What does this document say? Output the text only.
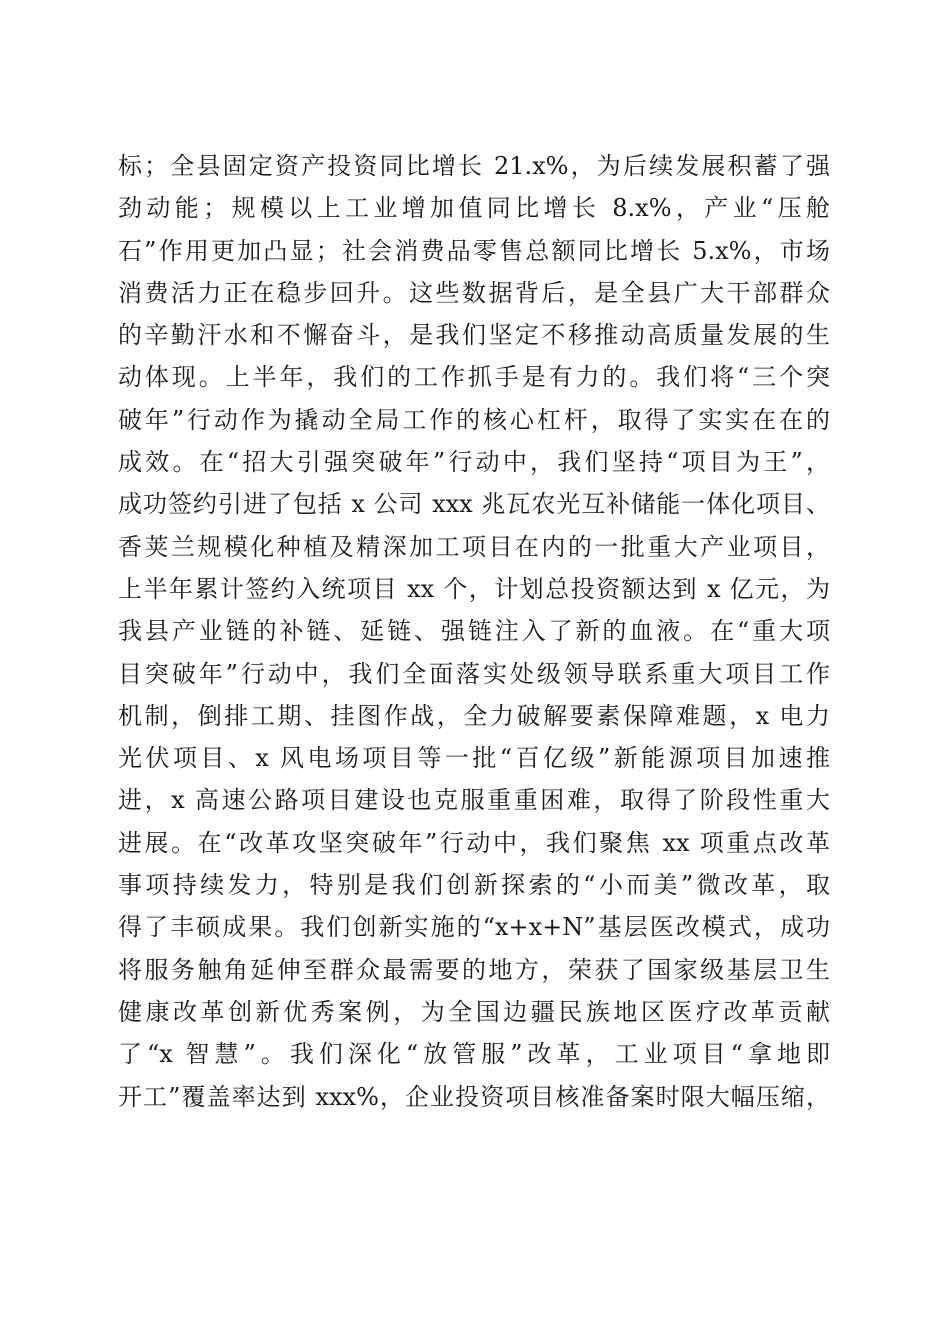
标；全县固定资产投资同比增长 21.x%，为后续发展积蓄了强
劲动能；规模以上工业增加值同比增长 8.x%，产业“压舱
石”作用更加凸显；社会消费品零售总额同比增长 5.x%，市场
消费活力正在稳步回升。这些数据背后，是全县广大干部群众
的辛勤汗水和不懈奋斗，是我们坚定不移推动高质量发展的生
动体现。上半年，我们的工作抓手是有力的。我们将“三个突
破年”行动作为撬动全局工作的核心杠杆，取得了实实在在的
成效。在“招大引强突破年”行动中，我们坚持“项目为王”，
成功签约引进了包括 x 公司 xxx 兆瓦农光互补储能一体化项目、
香荚兰规模化种植及精深加工项目在内的一批重大产业项目，
上半年累计签约入统项目 xx 个，计划总投资额达到 x 亿元，为
我县产业链的补链、延链、强链注入了新的血液。在“重大项
目突破年”行动中，我们全面落实处级领导联系重大项目工作
机制，倒排工期、挂图作战，全力破解要素保障难题，x 电力
光伏项目、x 风电场项目等一批“百亿级”新能源项目加速推
进，x 高速公路项目建设也克服重重困难，取得了阶段性重大
进展。在“改革攻坚突破年”行动中，我们聚焦 xx 项重点改革
事项持续发力，特别是我们创新探索的“小而美”微改革，取
得了丰硕成果。我们创新实施的“x+x+N”基层医改模式，成功
将服务触角延伸至群众最需要的地方，荣获了国家级基层卫生
健康改革创新优秀案例，为全国边疆民族地区医疗改革贡献
了“x 智慧”。我们深化“放管服”改革，工业项目“拿地即
开工”覆盖率达到 xxx%，企业投资项目核准备案时限大幅压缩，
